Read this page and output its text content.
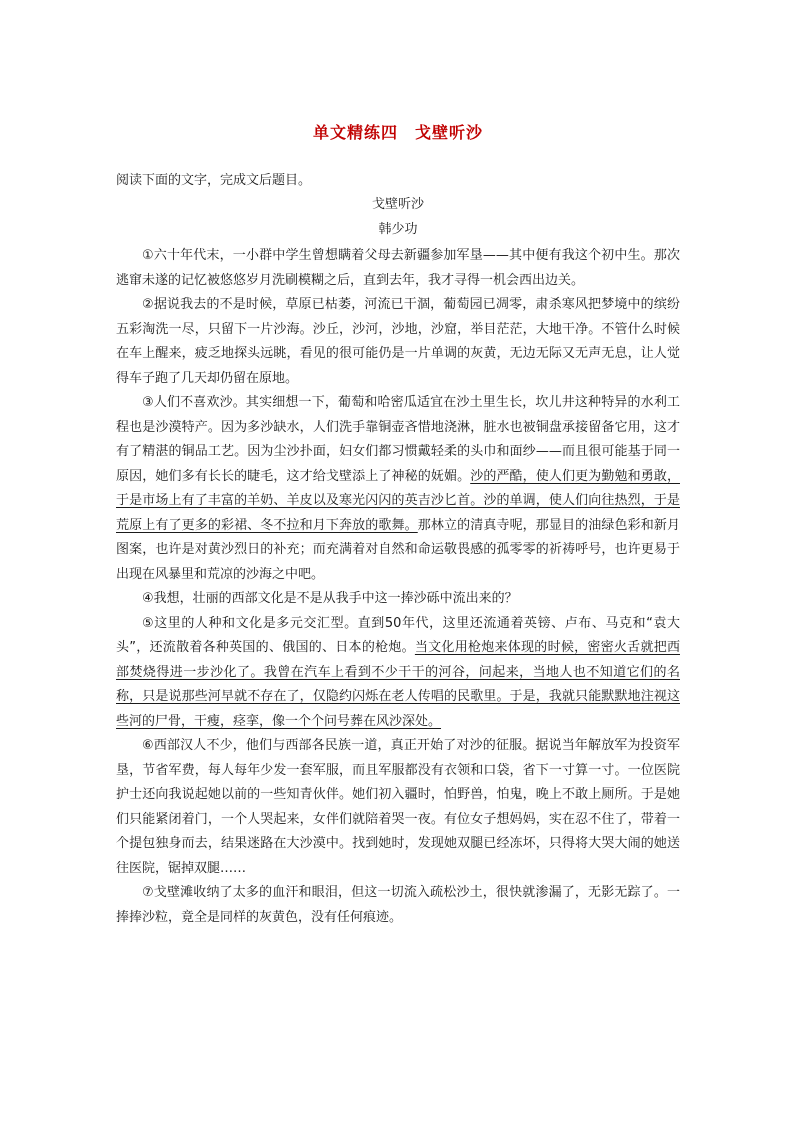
单文精练四　戈壁听沙
阅读下面的文字，完成文后题目。
戈壁听沙
韩少功

①六十年代末，一小群中学生曾想瞒着父母去新疆参加军垦——其中便有我这个初中生。那次逃窜未遂的记忆被悠悠岁月洗刷模糊之后，直到去年，我才寻得一机会西出边关。

②据说我去的不是时候，草原已枯萎，河流已干涸，葡萄园已凋零，肃杀寒风把梦境中的缤纷五彩淘洗一尽，只留下一片沙海。沙丘，沙河，沙地，沙窟，举目茫茫，大地干净。不管什么时候在车上醒来，疲乏地探头远眺，看见的很可能仍是一片单调的灰黄，无边无际又无声无息，让人觉得车子跑了几天却仍留在原地。

③人们不喜欢沙。其实细想一下，葡萄和哈密瓜适宜在沙土里生长，坎儿井这种特异的水利工程也是沙漠特产。因为多沙缺水，人们洗手靠铜壶吝惜地浇淋，脏水也被铜盘承接留备它用，这才有了精湛的铜品工艺。因为尘沙扑面，妇女们都习惯戴轻柔的头巾和面纱——而且很可能基于同一原因，她们多有长长的睫毛，这才给戈壁添上了神秘的妩媚。沙的严酷，使人们更为勤勉和勇敢，于是市场上有了丰富的羊奶、羊皮以及寒光闪闪的英吉沙匕首。沙的单调，使人们向往热烈，于是荒原上有了更多的彩裙、冬不拉和月下奔放的歌舞。那林立的清真寺呢，那显目的油绿色彩和新月图案，也许是对黄沙烈日的补充；而充满着对自然和命运敬畏感的孤零零的祈祷呼号，也许更易于出现在风暴里和荒凉的沙海之中吧。

④我想，壮丽的西部文化是不是从我手中这一捧沙砾中流出来的？

⑤这里的人种和文化是多元交汇型。直到50年代，这里还流通着英镑、卢布、马克和“袁大头”，还流散着各种英国的、俄国的、日本的枪炮。当文化用枪炮来体现的时候，密密火舌就把西部焚烧得进一步沙化了。我曾在汽车上看到不少干干的河谷，问起来，当地人也不知道它们的名称，只是说那些河早就不存在了，仅隐约闪烁在老人传唱的民歌里。于是，我就只能默默地注视这些河的尸骨，干瘦，痉挛，像一个个问号葬在风沙深处。

⑥西部汉人不少，他们与西部各民族一道，真正开始了对沙的征服。据说当年解放军为投资军垦，节省军费，每人每年少发一套军服，而且军服都没有衣领和口袋，省下一寸算一寸。一位医院护士还向我说起她以前的一些知青伙伴。她们初入疆时，怕野兽，怕鬼，晚上不敢上厕所。于是她们只能紧闭着门，一个人哭起来，女伴们就陪着哭一夜。有位女子想妈妈，实在忍不住了，带着一个提包独身而去，结果迷路在大沙漠中。找到她时，发现她双腿已经冻坏，只得将大哭大闹的她送往医院，锯掉双腿……

⑦戈壁滩收纳了太多的血汗和眼泪，但这一切流入疏松沙土，很快就渗漏了，无影无踪了。一捧捧沙粒，竟全是同样的灰黄色，没有任何痕迹。
